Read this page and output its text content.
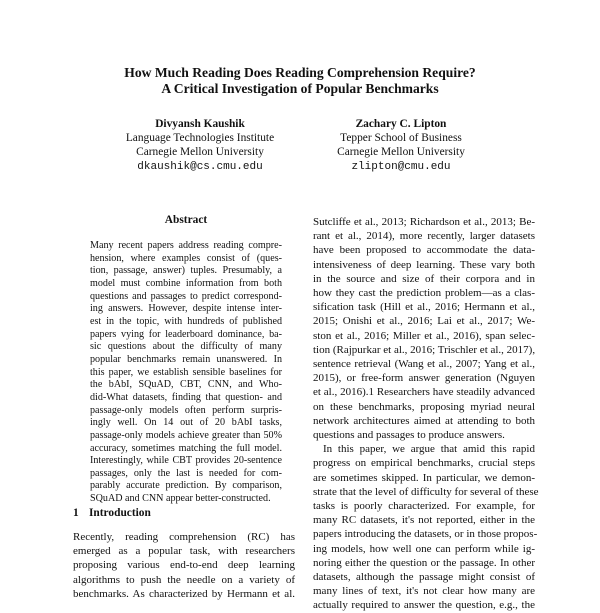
How Much Reading Does Reading Comprehension Require?
A Critical Investigation of Popular Benchmarks
Divyansh Kaushik
Language Technologies Institute
Carnegie Mellon University
dkaushik@cs.cmu.edu
Zachary C. Lipton
Tepper School of Business
Carnegie Mellon University
zlipton@cmu.edu
Abstract
Many recent papers address reading compre-
hension, where examples consist of (ques-
tion, passage, answer) tuples. Presumably, a
model must combine information from both
questions and passages to predict correspond-
ing answers. However, despite intense inter-
est in the topic, with hundreds of published
papers vying for leaderboard dominance, ba-
sic questions about the difficulty of many
popular benchmarks remain unanswered. In
this paper, we establish sensible baselines for
the bAbI, SQuAD, CBT, CNN, and Who-
did-What datasets, finding that question- and
passage-only models often perform surpris-
ingly well. On 14 out of 20 bAbI tasks,
passage-only models achieve greater than 50%
accuracy, sometimes matching the full model.
Interestingly, while CBT provides 20-sentence
passages, only the last is needed for com-
parably accurate prediction. By comparison,
SQuAD and CNN appear better-constructed.
1 Introduction
Recently, reading comprehension (RC) has
emerged as a popular task, with researchers
proposing various end-to-end deep learning
algorithms to push the needle on a variety of
benchmarks. As characterized by Hermann et al.
Sutcliffe et al., 2013; Richardson et al., 2013; Be-
rant et al., 2014), more recently, larger datasets
have been proposed to accommodate the data-
intensiveness of deep learning. These vary both
in the source and size of their corpora and in
how they cast the prediction problem—as a clas-
sification task (Hill et al., 2016; Hermann et al.,
2015; Onishi et al., 2016; Lai et al., 2017; We-
ston et al., 2016; Miller et al., 2016), span selec-
tion (Rajpurkar et al., 2016; Trischler et al., 2017),
sentence retrieval (Wang et al., 2007; Yang et al.,
2015), or free-form answer generation (Nguyen
et al., 2016).1 Researchers have steadily advanced
on these benchmarks, proposing myriad neural
network architectures aimed at attending to both
questions and passages to produce answers.
In this paper, we argue that amid this rapid
progress on empirical benchmarks, crucial steps
are sometimes skipped. In particular, we demon-
strate that the level of difficulty for several of these
tasks is poorly characterized. For example, for
many RC datasets, it's not reported, either in the
papers introducing the datasets, or in those propos-
ing models, how well one can perform while ig-
noring either the question or the passage. In other
datasets, although the passage might consist of
many lines of text, it's not clear how many are
actually required to answer the question, e.g., the
